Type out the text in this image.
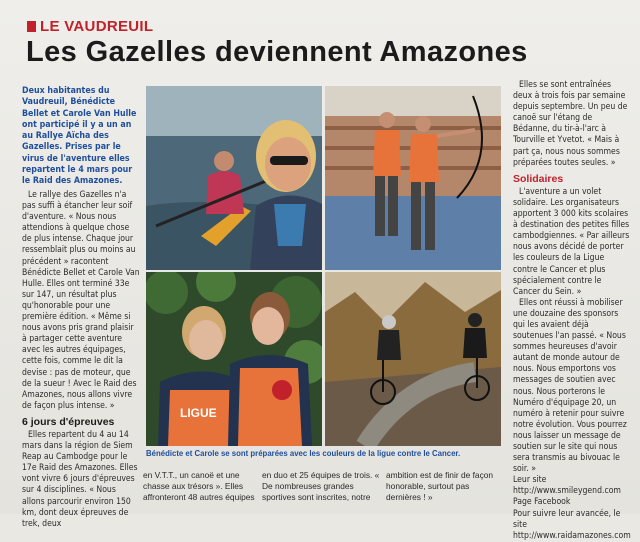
LE VAUDREUIL
Les Gazelles deviennent Amazones

Deux habitantes du Vaudreuil, Bénédicte Bellet et Carole Van Hulle ont participé il y a un an au Rallye Aïcha des Gazelles. Prises par le virus de l'aventure elles repartent le 4 mars pour le Raid des Amazones.

Le rallye des Gazelles n'a pas suffi à étancher leur soif d'aventure. « Nous nous attendions à quelque chose de plus intense. Chaque jour ressemblait plus ou moins au précédent » racontent Bénédicte Bellet et Carole Van Hulle. Elles ont terminé 33e sur 147, un résultat plus qu'honorable pour une première édition. « Même si nous avons pris grand plaisir à partager cette aventure avec les autres équipages, cette fois, comme le dit la devise : pas de moteur, que de la sueur ! Avec le Raid des Amazones, nous allons vivre de façon plus intense. »

6 jours d'épreuves

Elles repartent du 4 au 14 mars dans la région de Siem Reap au Cambodge pour le 17e Raid des Amazones. Elles vont vivre 6 jours d'épreuves sur 4 disciplines. « Nous allons parcourir environ 150 km, dont deux épreuves de trek, deux

LIGUE
Bénédicte et Carole se sont préparées avec les couleurs de la ligue contre le Cancer.
en V.T.T., un canoë et une chasse aux trésors ». Elles affronteront 48 autres équipes
en duo et 25 équipes de trois. « De nombreuses grandes sportives sont inscrites, notre
ambition est de finir de façon honorable, surtout pas dernières ! »

Elles se sont entraînées deux à trois fois par semaine depuis septembre. Un peu de canoë sur l'étang de Bédanne, du tir-à-l'arc à Tourville et Yvetot. « Mais à part ça, nous nous sommes préparées toutes seules. »

Solidaires

L'aventure a un volet solidaire. Les organisateurs apportent 3 000 kits scolaires à destination des petites filles cambodgiennes. « Par ailleurs nous avons décidé de porter les couleurs de la Ligue contre le Cancer et plus spécialement contre le Cancer du Sein. »

Elles ont réussi à mobiliser une douzaine des sponsors qui les avaient déjà soutenues l'an passé. « Nous sommes heureuses d'avoir autant de monde autour de nous. Nous emportons vos messages de soutien avec nous. Nous porterons le Numéro d'équipage 20, un numéro à retenir pour suivre notre évolution. Vous pourrez nous laisser un message de soutien sur le site qui nous sera transmis au bivouac le soir. »

Leur site http://www.smileygend.com
Page Facebook
Pour suivre leur avancée, le site http://www.raidamazones.com
